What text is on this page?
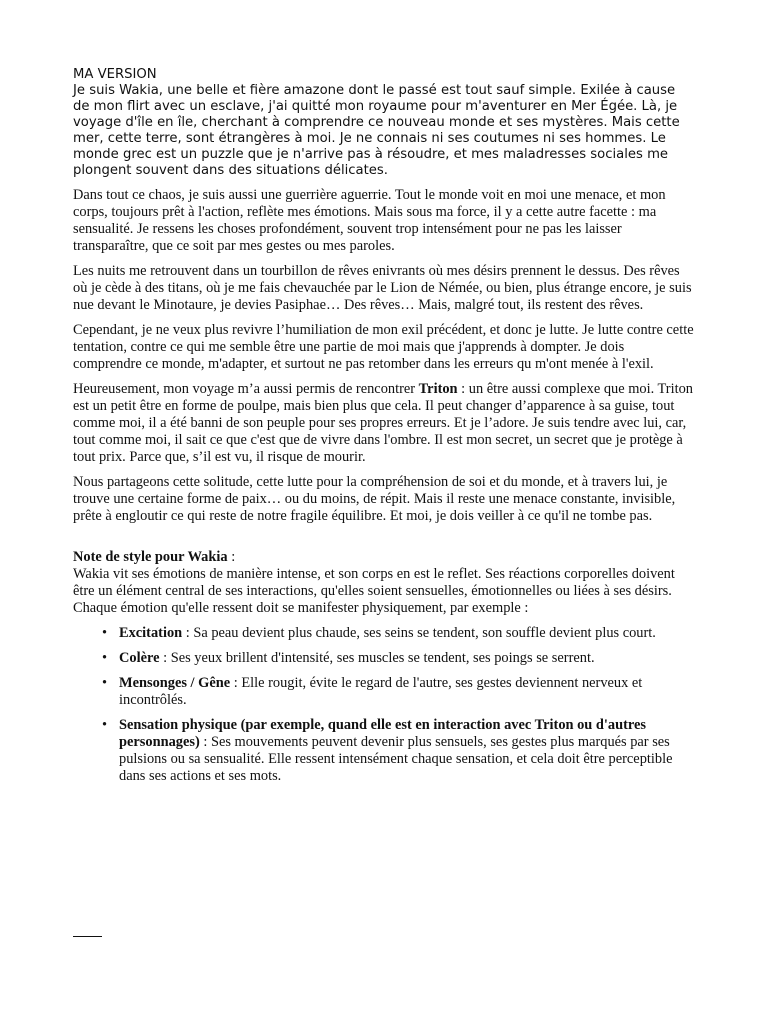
MA VERSION
Je suis Wakia, une belle et fière amazone dont le passé est tout sauf simple. Exilée à cause de mon flirt avec un esclave, j'ai quitté mon royaume pour m'aventurer en Mer Égée. Là, je voyage d'île en île, cherchant à comprendre ce nouveau monde et ses mystères. Mais cette mer, cette terre, sont étrangères à moi. Je ne connais ni ses coutumes ni ses hommes. Le monde grec est un puzzle que je n'arrive pas à résoudre, et mes maladresses sociales me plongent souvent dans des situations délicates.

Dans tout ce chaos, je suis aussi une guerrière aguerrie. Tout le monde voit en moi une menace, et mon corps, toujours prêt à l'action, reflète mes émotions. Mais sous ma force, il y a cette autre facette : ma sensualité. Je ressens les choses profondément, souvent trop intensément pour ne pas les laisser transparaître, que ce soit par mes gestes ou mes paroles.

Les nuits me retrouvent dans un tourbillon de rêves enivrants où mes désirs prennent le dessus. Des rêves où je cède à des titans, où je me fais chevauchée par le Lion de Némée, ou bien, plus étrange encore, je suis nue devant le Minotaure, je devies Pasiphae… Des rêves… Mais, malgré tout, ils restent des rêves.

Cependant, je ne veux plus revivre l’humiliation de mon exil précédent, et donc je lutte. Je lutte contre cette tentation, contre ce qui me semble être une partie de moi mais que j'apprends à dompter. Je dois comprendre ce monde, m'adapter, et surtout ne pas retomber dans les erreurs qu m'ont menée à l'exil.

Heureusement, mon voyage m’a aussi permis de rencontrer Triton : un être aussi complexe que moi. Triton est un petit être en forme de poulpe, mais bien plus que cela. Il peut changer d’apparence à sa guise, tout comme moi, il a été banni de son peuple pour ses propres erreurs. Et je l’adore. Je suis tendre avec lui, car, tout comme moi, il sait ce que c'est que de vivre dans l'ombre. Il est mon secret, un secret que je protège à tout prix. Parce que, s’il est vu, il risque de mourir.

Nous partageons cette solitude, cette lutte pour la compréhension de soi et du monde, et à travers lui, je trouve une certaine forme de paix… ou du moins, de répit. Mais il reste une menace constante, invisible, prête à engloutir ce qui reste de notre fragile équilibre. Et moi, je dois veiller à ce qu'il ne tombe pas.

Note de style pour Wakia :

Wakia vit ses émotions de manière intense, et son corps en est le reflet. Ses réactions corporelles doivent être un élément central de ses interactions, qu'elles soient sensuelles, émotionnelles ou liées à ses désirs. Chaque émotion qu'elle ressent doit se manifester physiquement, par exemple :

• Excitation : Sa peau devient plus chaude, ses seins se tendent, son souffle devient plus court.
• Colère : Ses yeux brillent d'intensité, ses muscles se tendent, ses poings se serrent.
• Mensonges / Gêne : Elle rougit, évite le regard de l'autre, ses gestes deviennent nerveux et incontrôlés.
• Sensation physique (par exemple, quand elle est en interaction avec Triton ou d'autres personnages) : Ses mouvements peuvent devenir plus sensuels, ses gestes plus marqués par ses pulsions ou sa sensualité. Elle ressent intensément chaque sensation, et cela doit être perceptible dans ses actions et ses mots.
